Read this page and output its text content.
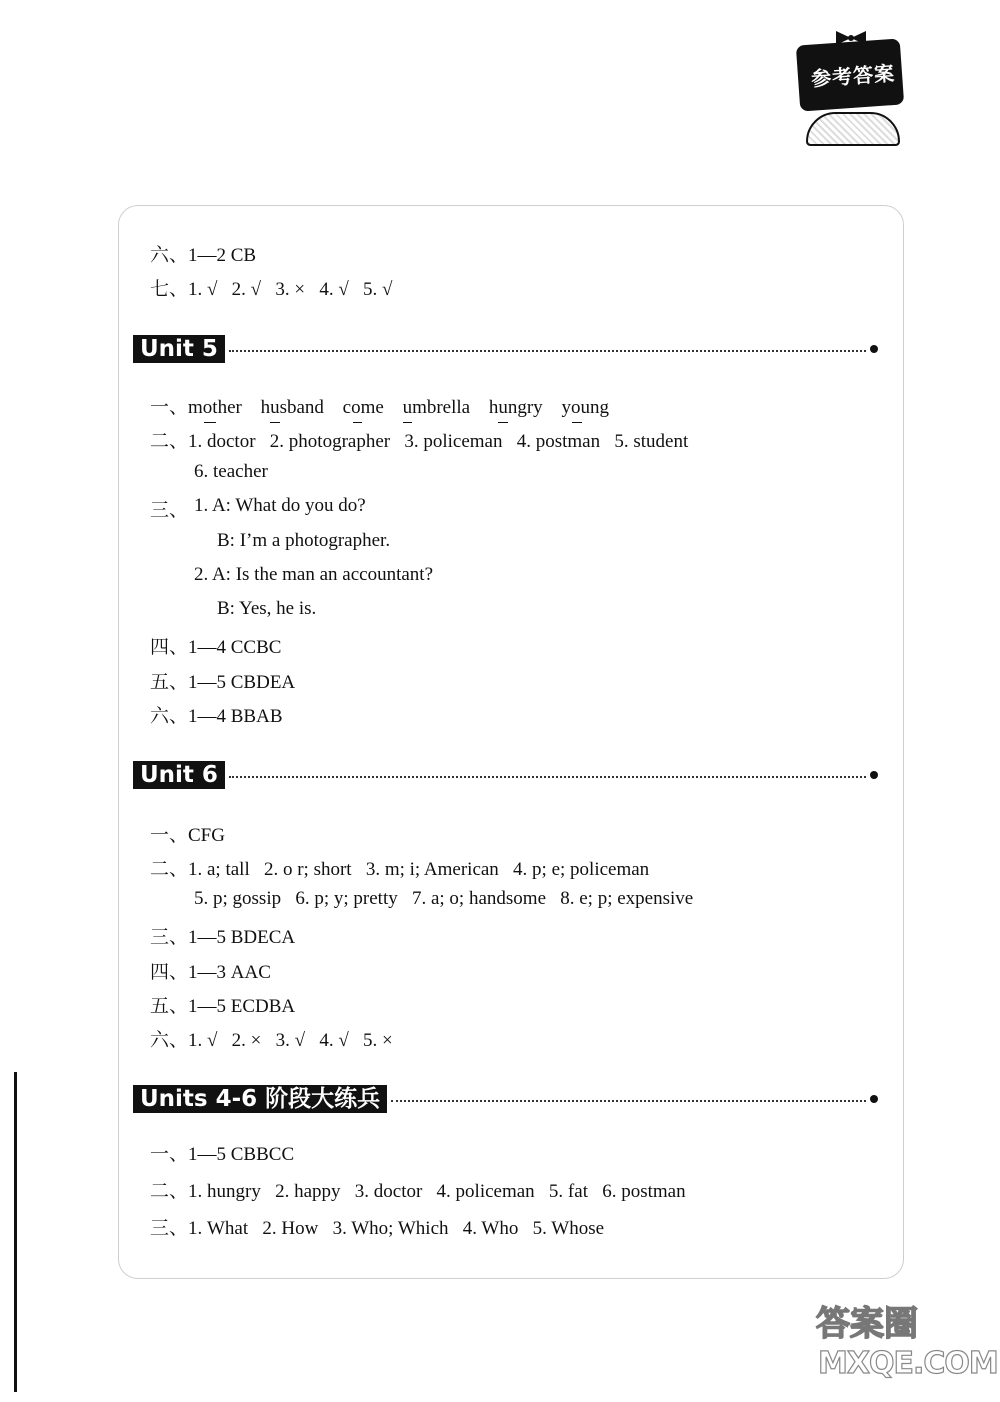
参考答案
六、1—2 CB
七、1. √   2. √   3. ×   4. √   5. √
Unit 5
一、mother husband come umbrella hungry young
二、1. doctor   2. photographer   3. policeman   4. postman   5. student
6. teacher
三、 1. A: What do you do?
B: I’m a photographer.
2. A: Is the man an accountant?
B: Yes, he is.
四、1—4 CCBC
五、1—5 CBDEA
六、1—4 BBAB
Unit 6
一、CFG
二、1. a; tall   2. o r; short   3. m; i; American   4. p; e; policeman
5. p; gossip   6. p; y; pretty   7. a; o; handsome   8. e; p; expensive
三、1—5 BDECA
四、1—3 AAC
五、1—5 ECDBA
六、1. √   2. ×   3. √   4. √   5. ×
Units 4-6 阶段大练兵
一、1—5 CBBCC
二、1. hungry   2. happy   3. doctor   4. policeman   5. fat   6. postman
三、1. What   2. How   3. Who; Which   4. Who   5. Whose
答案圈
MXQE.COM
